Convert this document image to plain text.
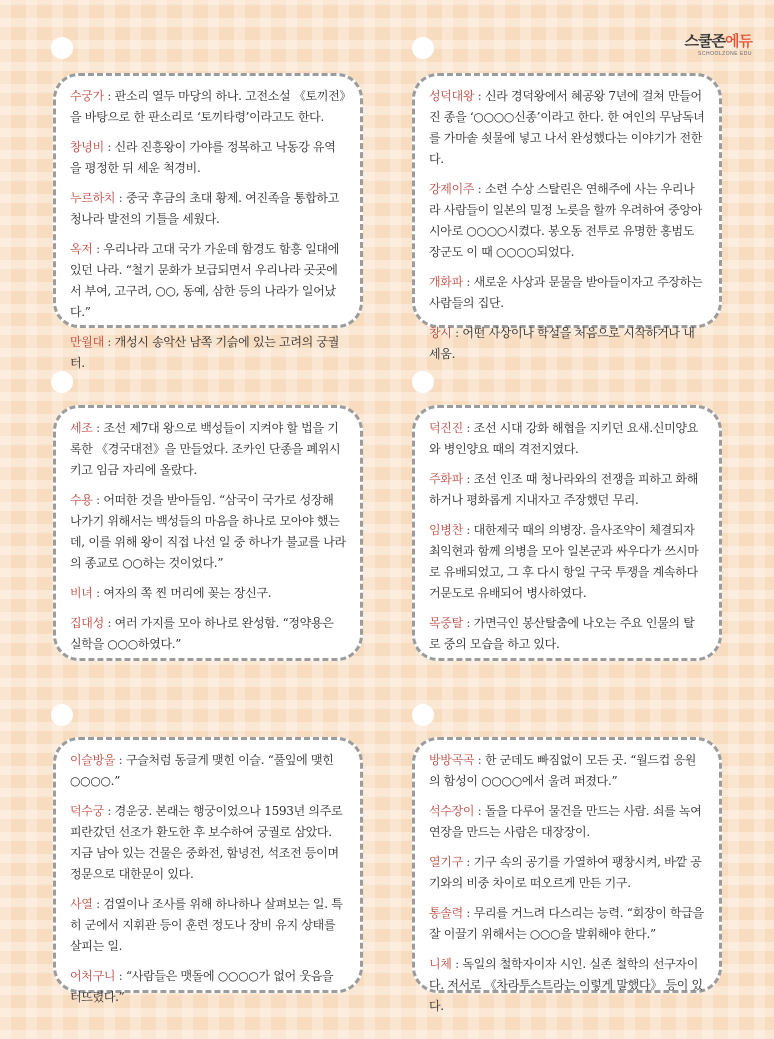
스쿨존에듀
SCHOOLZONE EDU

수궁가 : 판소리 열두 마당의 하나. 고전소설 《토끼전》을 바탕으로 한 판소리로 ‘토끼타령’이라고도 한다.

창녕비 : 신라 진흥왕이 가야를 정복하고 낙동강 유역을 평정한 뒤 세운 척경비.

누르하치 : 중국 후금의 초대 황제. 여진족을 통합하고 청나라 발전의 기틀을 세웠다.

옥저 : 우리나라 고대 국가 가운데 함경도 함흥 일대에 있던 나라. “철기 문화가 보급되면서 우리나라 곳곳에서 부여, 고구려, ○○, 동예, 삼한 등의 나라가 일어났다.”

만월대 : 개성시 송악산 남쪽 기슭에 있는 고려의 궁궐 터.

성덕대왕 : 신라 경덕왕에서 혜공왕 7년에 걸쳐 만들어진 종을 ‘○○○○신종’이라고 한다. 한 여인의 무남독녀를 가마솥 쇳물에 넣고 나서 완성했다는 이야기가 전한다.

강제이주 : 소련 수상 스탈린은 연해주에 사는 우리나라 사람들이 일본의 밀정 노릇을 할까 우려하여 중앙아시아로 ○○○○시켰다. 봉오동 전투로 유명한 홍범도 장군도 이 때 ○○○○되었다.

개화파 : 새로운 사상과 문물을 받아들이자고 주장하는 사람들의 집단.

창시 : 어떤 사상이나 학설을 처음으로 시작하거나 내세움.

세조 : 조선 제7대 왕으로 백성들이 지켜야 할 법을 기록한 《경국대전》을 만들었다. 조카인 단종을 폐위시키고 임금 자리에 올랐다.

수용 : 어떠한 것을 받아들임. “삼국이 국가로 성장해 나가기 위해서는 백성들의 마음을 하나로 모아야 했는데, 이를 위해 왕이 직접 나선 일 중 하나가 불교를 나라의 종교로 ○○하는 것이었다.”

비녀 : 여자의 쪽 찐 머리에 꽂는 장신구.

집대성 : 여러 가지를 모아 하나로 완성함. “정약용은 실학을 ○○○하였다.”

덕진진 : 조선 시대 강화 해협을 지키던 요새.신미양요와 병인양요 때의 격전지였다.

주화파 : 조선 인조 때 청나라와의 전쟁을 피하고 화해하거나 평화롭게 지내자고 주장했던 무리.

임병찬 : 대한제국 때의 의병장. 을사조약이 체결되자 최익현과 함께 의병을 모아 일본군과 싸우다가 쓰시마로 유배되었고, 그 후 다시 항일 구국 투쟁을 계속하다 거문도로 유배되어 병사하였다.

목중탈 : 가면극인 봉산탈춤에 나오는 주요 인물의 탈로 중의 모습을 하고 있다.

이슬방울 : 구슬처럼 동글게 맺힌 이슬. “풀잎에 맺힌 ○○○○.”

덕수궁 : 경운궁. 본래는 행궁이었으나 1593년 의주로 피란갔던 선조가 환도한 후 보수하여 궁궐로 삼았다. 지금 남아 있는 건물은 중화전, 함녕전, 석조전 등이며 정문으로 대한문이 있다.

사열 : 검열이나 조사를 위해 하나하나 살펴보는 일. 특히 군에서 지휘관 등이 훈련 정도나 장비 유지 상태를 살피는 일.

어처구니 : “사람들은 맷돌에 ○○○○가 없어 웃음을 터뜨렸다.”

방방곡곡 : 한 군데도 빠짐없이 모든 곳. “월드컵 응원의 함성이 ○○○○에서 울려 퍼졌다.”

석수장이 : 돌을 다루어 물건을 만드는 사람. 쇠를 녹여 연장을 만드는 사람은 대장장이.

열기구 : 기구 속의 공기를 가열하여 팽창시켜, 바깥 공기와의 비중 차이로 떠오르게 만든 기구.

통솔력 : 무리를 거느려 다스리는 능력. “회장이 학급을 잘 이끌기 위해서는 ○○○을 발휘해야 한다.”

니체 : 독일의 철학자이자 시인. 실존 철학의 선구자이다. 저서로 《차라투스트라는 이렇게 말했다》 등이 있다.
